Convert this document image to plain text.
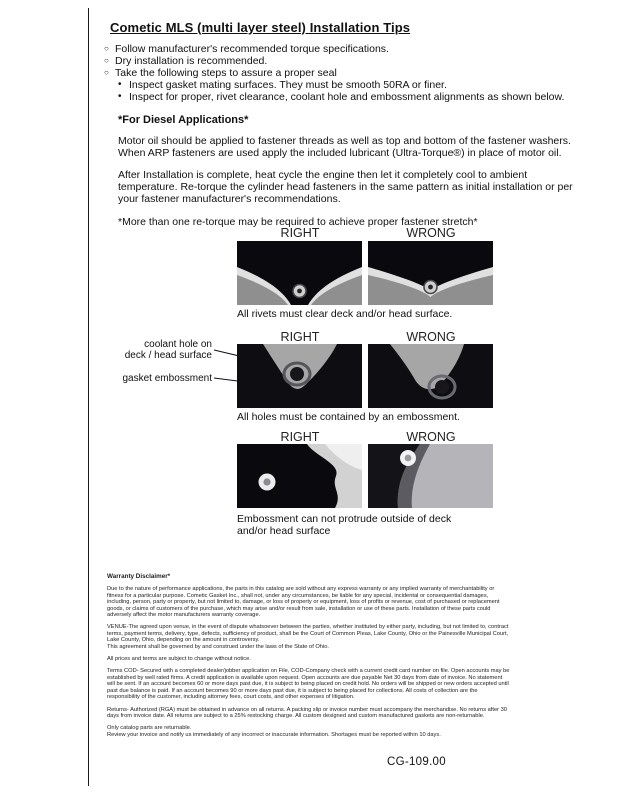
Cometic MLS (multi layer steel) Installation Tips
○ Follow manufacturer's recommended torque specifications.
○ Dry installation is recommended.
○ Take the following steps to assure a proper seal
• Inspect gasket mating surfaces. They must be smooth 50RA or finer.
• Inspect for proper, rivet clearance, coolant hole and embossment alignments as shown below.
*For Diesel Applications*

Motor oil should be applied to fastener threads as well as top and bottom of the fastener washers. When ARP fasteners are used apply the included lubricant (Ultra-Torque®) in place of motor oil.

After Installation is complete, heat cycle the engine then let it completely cool to ambient temperature. Re-torque the cylinder head fasteners in the same pattern as initial installation or per your fastener manufacturer's recommendations.

*More than one re-torque may be required to achieve proper fastener stretch*

RIGHT	WRONG
All rivets must clear deck and/or head surface.
coolant hole on
deck / head surface
gasket embossment
RIGHT	WRONG
All holes must be contained by an embossment.
RIGHT	WRONG
Embossment can not protrude outside of deck
and/or head surface

Warranty Disclaimer*

Due to the nature of performance applications, the parts in this catalog are sold without any express warranty or any implied warranty of merchantability or fitness for a particular purpose. Cometic Gasket Inc., shall not, under any circumstances, be liable for any special, incidental or consequential damages, including, person, party or property, but not limited to, damage, or loss of property or equipment, loss of profits or revenue, cost of purchased or replacement goods, or claims of customers of the purchase, which may arise and/or result from sale, installation or use of these parts. Installation of these parts could adversely affect the motor manufacturers warranty coverage.

VENUE-The agreed upon venue, in the event of dispute whatsoever between the parties, whether instituted by either party, including, but not limited to, contract terms, payment terms, delivery, type, defects, sufficiency of product, shall be the Court of Common Pleas, Lake County, Ohio or the Painesville Municipal Court, Lake County, Ohio, depending on the amount in controversy.

This agreement shall be governed by and construed under the laws of the State of Ohio.

All prices and terms are subject to change without notice.

Terms COD- Secured with a completed dealer/jobber application on File, COD-Company check with a current credit card number on file. Open accounts may be established by well rated firms. A credit application is available upon request. Open accounts are due payable Net 30 days from date of invoice. No statement will be sent. If an account becomes 60 or more days past due, it is subject to being placed on credit hold. No orders will be shipped or new orders accepted until past due balance is paid. If an account becomes 90 or more days past due, it is subject to being placed for collections. All costs of collection are the responsibility of the customer, including attorney fees, court costs, and other expenses of litigation.

Returns- Authorized (RGA) must be obtained in advance on all returns. A packing slip or invoice number must accompany the merchandise. No returns after 30 days from invoice date. All returns are subject to a 25% restocking charge. All custom designed and custom manufactured gaskets are non-returnable.

Only catalog parts are returnable.

Review your invoice and notify us immediately of any incorrect or inaccurate information. Shortages must be reported within 10 days.

CG-109.00
